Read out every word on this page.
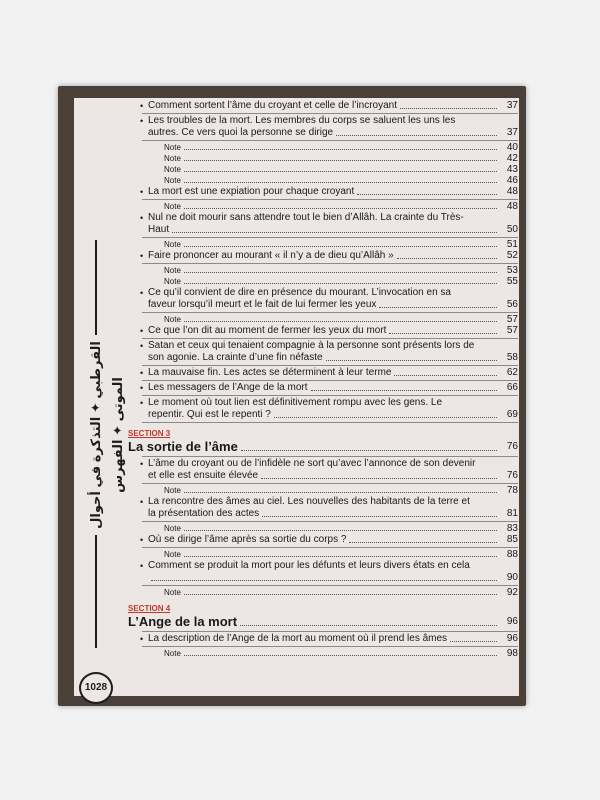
القرطبي ✦ التذكرة في أحوال الموتى ✦ الفهرس
1028
• Comment sortent l’âme du croyant et celle de l’incroyant	37
• Les troubles de la mort. Les membres du corps se saluent les uns les
autres. Ce vers quoi la personne se dirige	37
Note	40
Note	42
Note	43
Note	46
• La mort est une expiation pour chaque croyant	48
Note	48
• Nul ne doit mourir sans attendre tout le bien d’Allâh. La crainte du Très-
Haut	50
Note	51
• Faire prononcer au mourant « il n’y a de dieu qu’Allâh »	52
Note	53
Note	55
• Ce qu’il convient de dire en présence du mourant. L’invocation en sa
faveur lorsqu’il meurt et le fait de lui fermer les yeux	56
Note	57
• Ce que l’on dit au moment de fermer les yeux du mort	57
• Satan et ceux qui tenaient compagnie à la personne sont présents lors de
son agonie. La crainte d’une fin néfaste	58
• La mauvaise fin. Les actes se déterminent à leur terme	62
• Les messagers de l’Ange de la mort	66
• Le moment où tout lien est définitivement rompu avec les gens. Le
repentir. Qui est le repenti ?	69
SECTION 3
La sortie de l’âme	76
• L’âme du croyant ou de l’infidèle ne sort qu’avec l’annonce de son devenir
et elle est ensuite élevée	76
Note	78
• La rencontre des âmes au ciel. Les nouvelles des habitants de la terre et
la présentation des actes	81
Note	83
• Où se dirige l’âme après sa sortie du corps ?	85
Note	88
• Comment se produit la mort pour les défunts et leurs divers états en cela
90
Note	92
SECTION 4
L’Ange de la mort	96
• La description de l’Ange de la mort au moment où il prend les âmes	96
Note	98
